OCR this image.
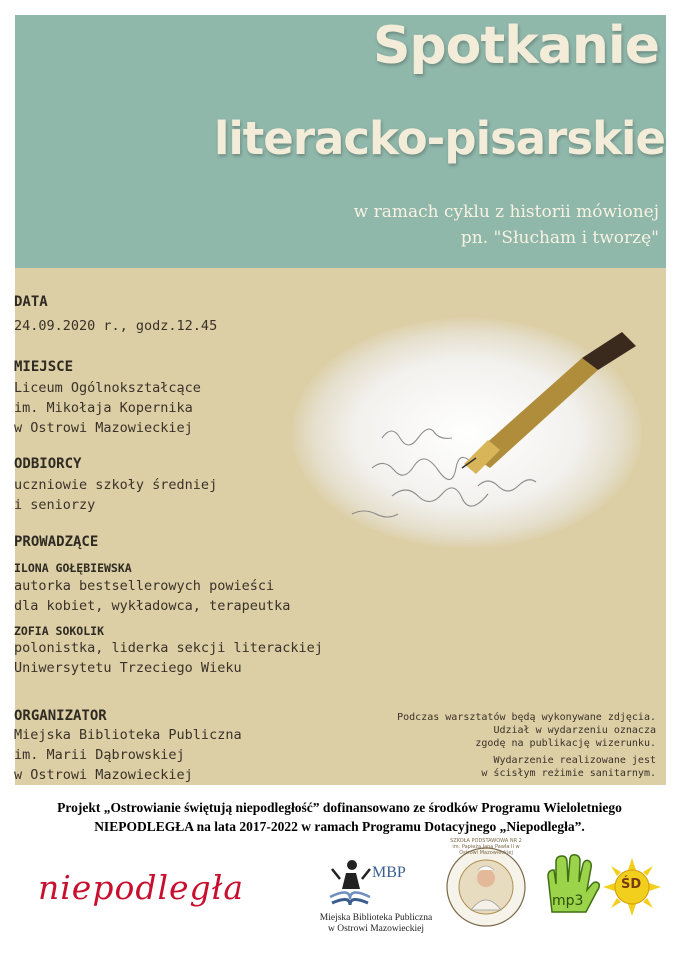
Spotkanie
literacko-pisarskie
w ramach cyklu z historii mówionej
pn. "Słucham i tworzę"
DATA
24.09.2020 r., godz.12.45
MIEJSCE
Liceum Ogólnokształcące
im. Mikołaja Kopernika
w Ostrowi Mazowieckiej
ODBIORCY
uczniowie szkoły średniej
i seniorzy
PROWADZĄCE
ILONA GOŁĘBIEWSKA
autorka bestsellerowych powieści
dla kobiet, wykładowca, terapeutka
ZOFIA SOKOLIK
polonistka, liderka sekcji literackiej
Uniwersytetu Trzeciego Wieku
ORGANIZATOR
Miejska Biblioteka Publiczna
im. Marii Dąbrowskiej
w Ostrowi Mazowieckiej
Podczas warsztatów będą wykonywane zdjęcia.
Udział w wydarzeniu oznacza
zgodę na publikację wizerunku.
Wydarzenie realizowane jest
w ścisłym reżimie sanitarnym.
Projekt „Ostrowianie świętują niepodległość” dofinansowano ze środków Programu Wieloletniego
NIEPODLEGŁA na lata 2017-2022 w ramach Programu Dotacyjnego „Niepodległa”.
niepodległa	MBP
Miejska Biblioteka Publiczna
w Ostrowi Mazowieckiej
SZKOŁA PODSTAWOWA NR 2 im. Papieża Jana Pawła II w Ostrowi Mazowieckiej
mp3
ŚD
